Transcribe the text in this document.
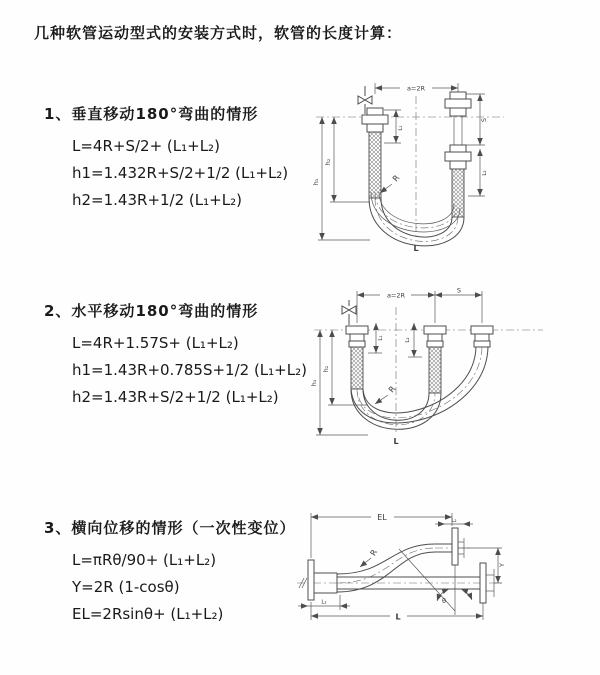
几种软管运动型式的安装方式时，软管的长度计算：
1、垂直移动180°弯曲的情形
L=4R+S/2+ (L₁+L₂)
h1=1.432R+S/2+1/2 (L₁+L₂)
h2=1.43R+1/2 (L₁+L₂)
2、水平移动180°弯曲的情形
L=4R+1.57S+ (L₁+L₂)
h1=1.43R+0.785S+1/2 (L₁+L₂)
h2=1.43R+S/2+1/2 (L₁+L₂)
3、横向位移的情形（一次性变位）
L=πRθ/90+ (L₁+L₂)
Y=2R (1-cosθ)
EL=2Rsinθ+ (L₁+L₂)
a=2R
L₁
S
L₂
h₁
h₂
R
L
a=2R
S
L₁	L₂
h₁
h₂
R
L
EL	L₂
Y
θ
R
L
L₁
